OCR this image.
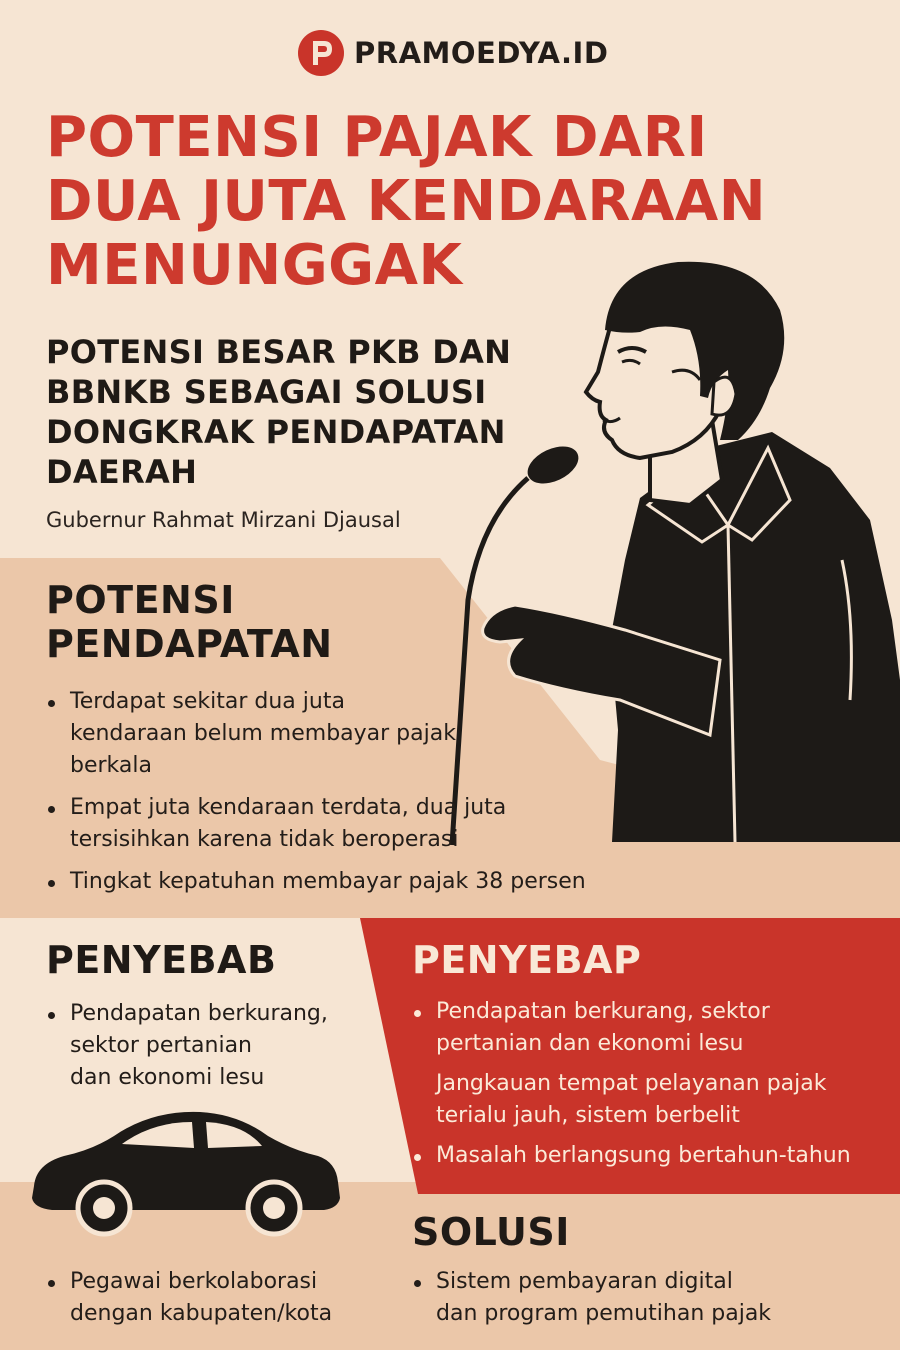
PRAMOEDYA.ID
POTENSI PAJAK DARI
DUA JUTA KENDARAAN
MENUNGGAK
POTENSI BESAR PKB DAN
BBNKB SEBAGAI SOLUSI
DONGKRAK PENDAPATAN
DAERAH
Gubernur Rahmat Mirzani Djausal
POTENSI
PENDAPATAN
Terdapat sekitar dua juta
kendaraan belum membayar pajak
berkala
Empat juta kendaraan terdata, dua juta
tersisihkan karena tidak beroperasi
Tingkat kepatuhan membayar pajak 38 persen
PENYEBAB
Pendapatan berkurang,
sektor pertanian
dan ekonomi lesu
PENYEBAP
Pendapatan berkurang, sektor
pertanian dan ekonomi lesu
Jangkauan tempat pelayanan pajak
terialu jauh, sistem berbelit
Masalah berlangsung bertahun-tahun
SOLUSI
Pegawai berkolaborasi
dengan kabupaten/kota
Sistem pembayaran digital
dan program pemutihan pajak
